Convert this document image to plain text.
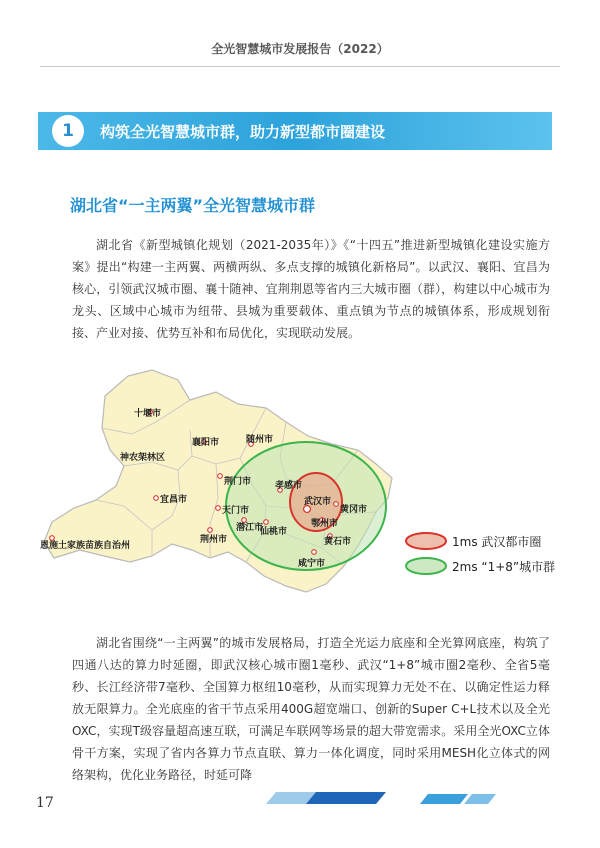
全光智慧城市发展报告（2022）
1	构筑全光智慧城市群，助力新型都市圈建设
湖北省“一主两翼”全光智慧城市群

湖北省《新型城镇化规划（2021-2035年）》《“十四五”推进新型城镇化建设实施方案》提出“构建一主两翼、两横两纵、多点支撑的城镇化新格局”。以武汉、襄阳、宜昌为核心，引领武汉城市圈、襄十随神、宜荆荆恩等省内三大城市圈（群），构建以中心城市为龙头、区域中心城市为纽带、县城为重要载体、重点镇为节点的城镇体系，形成规划衔接、产业对接、优势互补和布局优化，实现联动发展。

十堰市
襄阳市	随州市
神农架林区
荆门市	孝感市
宜昌市
天门市
武汉市
黄冈市
鄂州市
潜江市
仙桃市
荆州市	黄石市
恩施土家族苗族自治州
咸宁市
1ms 武汉都市圈
2ms “1+8”城市群

湖北省围绕“一主两翼”的城市发展格局，打造全光运力底座和全光算网底座，构筑了四通八达的算力时延圈，即武汉核心城市圈1毫秒、武汉“1+8”城市圈2毫秒、全省5毫秒、长江经济带7毫秒、全国算力枢纽10毫秒，从而实现算力无处不在、以确定性运力释放无限算力。全光底座的省干节点采用400G超宽端口、创新的Super C+L技术以及全光OXC，实现T级容量超高速互联，可满足车联网等场景的超大带宽需求。采用全光OXC立体骨干方案，实现了省内各算力节点直联、算力一体化调度，同时采用MESH化立体式的网络架构，优化业务路径，时延可降

17
